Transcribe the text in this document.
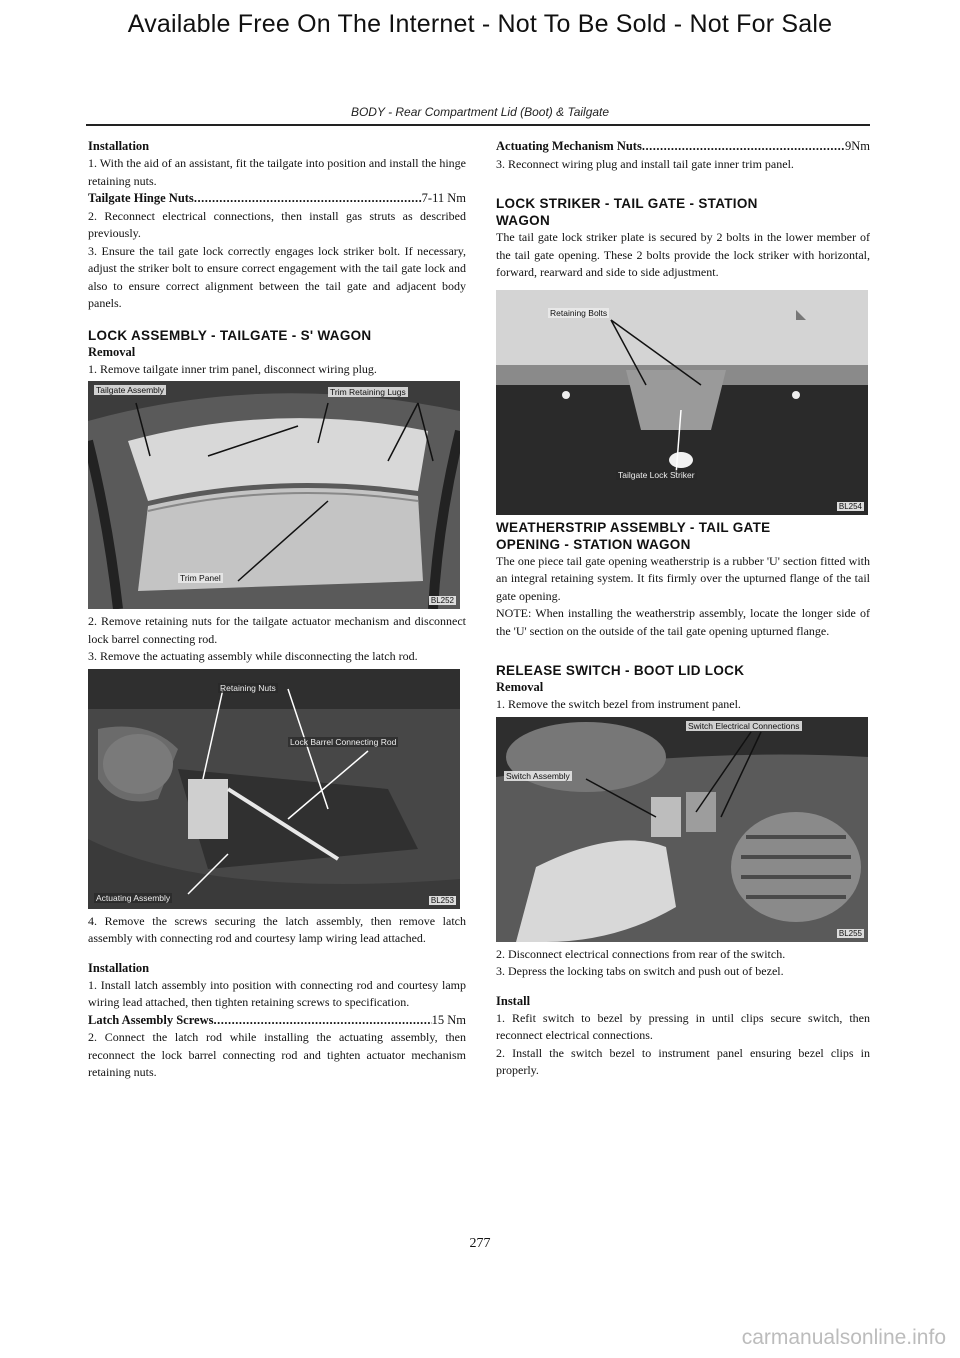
Available Free On The Internet - Not To Be Sold - Not For Sale
BODY - Rear Compartment Lid (Boot) & Tailgate
Installation
1. With the aid of an assistant, fit the tailgate into position and install the hinge retaining nuts.
Tailgate Hinge Nuts .....	7-11 Nm
2. Reconnect electrical connections, then install gas struts as described previously.
3. Ensure the tail gate lock correctly engages lock striker bolt. If necessary, adjust the striker bolt to ensure correct engagement with the tail gate lock and also to ensure correct alignment between the tail gate and adjacent body panels.
LOCK ASSEMBLY - TAILGATE - S' WAGON
Removal
1. Remove tailgate inner trim panel, disconnect wiring plug.
Tailgate Assembly	Trim Retaining Lugs
Trim Panel
BL252
2. Remove retaining nuts for the tailgate actuator mechanism and disconnect lock barrel connecting rod.
3. Remove the actuating assembly while disconnecting the latch rod.
Retaining Nuts
Lock Barrel Connecting Rod
Actuating Assembly	BL253
4. Remove the screws securing the latch assembly, then remove latch assembly with connecting rod and courtesy lamp wiring lead attached.
Installation
1. Install latch assembly into position with connecting rod and courtesy lamp wiring lead attached, then tighten retaining screws to specification.
Latch Assembly Screws .....	15 Nm
2. Connect the latch rod while installing the actuating assembly, then reconnect the lock barrel connecting rod and tighten actuator mechanism retaining nuts.
Actuating Mechanism Nuts .....	9Nm
3. Reconnect wiring plug and install tail gate inner trim panel.
LOCK STRIKER - TAIL GATE - STATION
WAGON
The tail gate lock striker plate is secured by 2 bolts in the lower member of the tail gate opening. These 2 bolts provide the lock striker with horizontal, forward, rearward and side to side adjustment.
Retaining Bolts
Tailgate Lock Striker
BL254
WEATHERSTRIP ASSEMBLY - TAIL GATE
OPENING - STATION WAGON
The one piece tail gate opening weatherstrip is a rubber 'U' section fitted with an integral retaining system. It fits firmly over the upturned flange of the tail gate opening.
NOTE: When installing the weatherstrip assembly, locate the longer side of the 'U' section on the outside of the tail gate opening upturned flange.
RELEASE SWITCH - BOOT LID LOCK
Removal
1. Remove the switch bezel from instrument panel.
Switch Electrical Connections
Switch Assembly
BL255
2. Disconnect electrical connections from rear of the switch.
3. Depress the locking tabs on switch and push out of bezel.
Install
1. Refit switch to bezel by pressing in until clips secure switch, then reconnect electrical connections.
2. Install the switch bezel to instrument panel ensuring bezel clips in properly.
277
carmanualsonline.info
